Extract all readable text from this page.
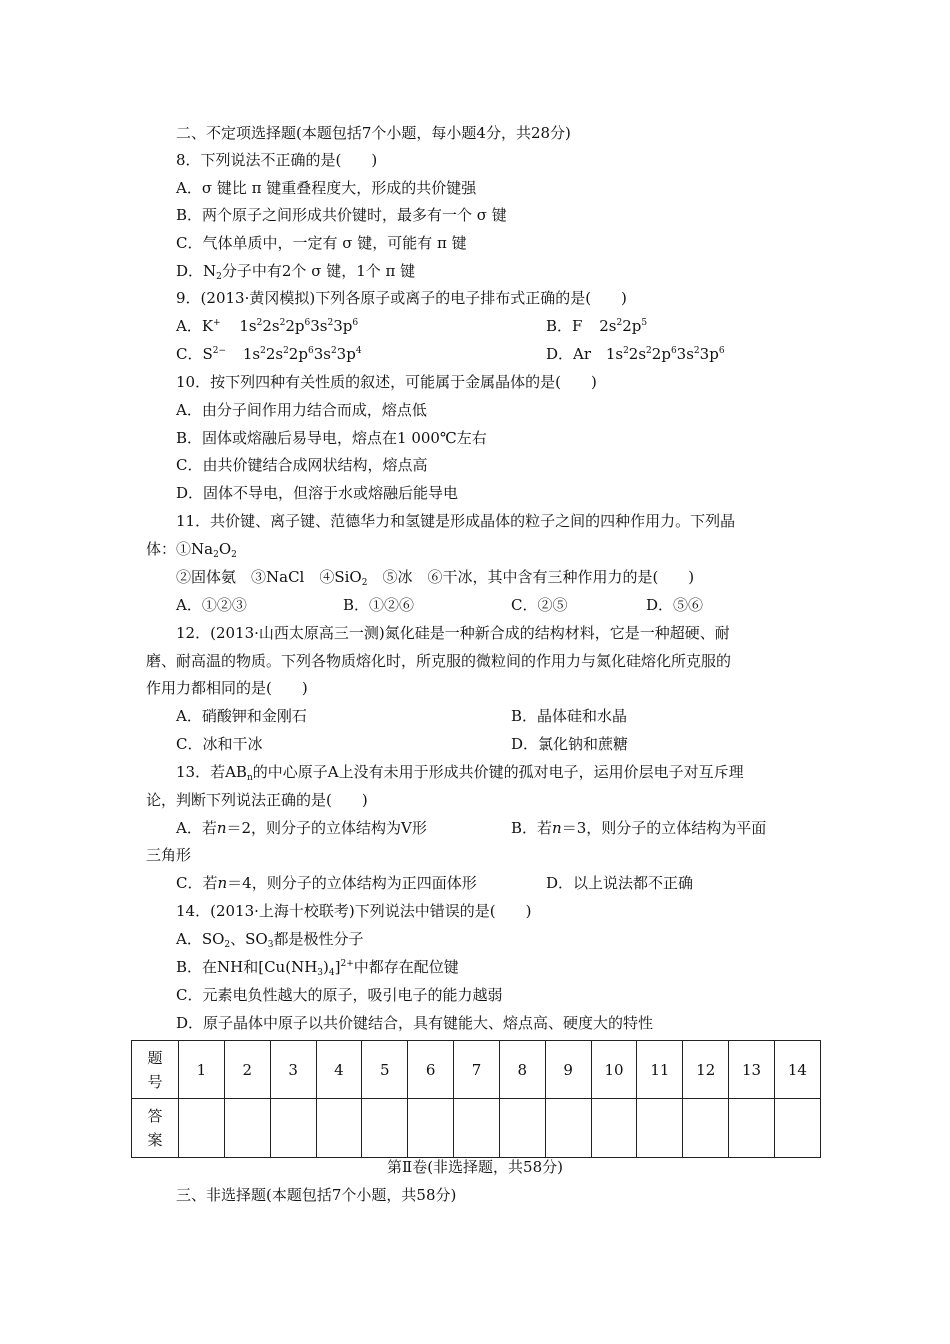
二、不定项选择题(本题包括7个小题，每小题4分，共28分)
8．下列说法不正确的是(　　)
A．σ 键比 π 键重叠程度大，形成的共价键强
B．两个原子之间形成共价键时，最多有一个 σ 键
C．气体单质中，一定有 σ 键，可能有 π 键
D．$N_2$分子中有2个 σ 键，1个 π 键
9．(2013·黄冈模拟)下列各原子或离子的电子排布式正确的是(　　)
A．K+ $1s^22s^22p^63s^23p^6$	B．F $2s^22p^5$
C．$S^{2-}$ $1s^22s^22p^63s^23p^4$	D．Ar $1s^22s^22p^63s^23p^6$
10．按下列四种有关性质的叙述，可能属于金属晶体的是(　　)
A．由分子间作用力结合而成，熔点低
B．固体或熔融后易导电，熔点在1 000℃左右
C．由共价键结合成网状结构，熔点高
D．固体不导电，但溶于水或熔融后能导电
11．共价键、离子键、范德华力和氢键是形成晶体的粒子之间的四种作用力。下列晶
体：$①Na_2O_2$
②固体氨　③NaCl　④SiO$_2$　⑤冰　⑥干冰，其中含有三种作用力的是(　　)
A．①②③	B．①②⑥	C．②⑤	D．⑤⑥
12．(2013·山西太原高三一测)氮化硅是一种新合成的结构材料，它是一种超硬、耐
磨、耐高温的物质。下列各物质熔化时，所克服的微粒间的作用力与氮化硅熔化所克服的
作用力都相同的是(　　)
A．硝酸钾和金刚石	B．晶体硅和水晶
C．冰和干冰	D．氯化钠和蔗糖
13．若$AB_n$的中心原子A上没有未用于形成共价键的孤对电子，运用价层电子对互斥理
论，判断下列说法正确的是(　　)
A．若n＝2，则分子的立体结构为V形	B．若n＝3，则分子的立体结构为平面
三角形
C．若n＝4，则分子的立体结构为正四面体形	D．以上说法都不正确
14．(2013·上海十校联考)下列说法中错误的是(　　)
A．$SO_2$、$SO_3$都是极性分子
B．在NH和$[Cu(NH_3)_4]^{2+}$中都存在配位键
C．元素电负性越大的原子，吸引电子的能力越弱
D．原子晶体中原子以共价键结合，具有键能大、熔点高、硬度大的特性
题号	1	2	3	4	5	6	7	8	9	10	11	12	13	14
答案														
第Ⅱ卷(非选择题，共58分)
三、非选择题(本题包括7个小题，共58分)
